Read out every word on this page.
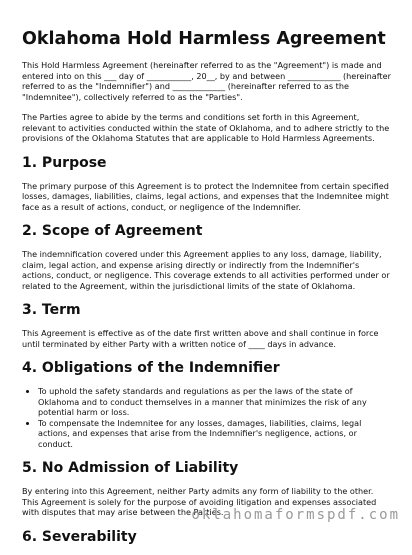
Oklahoma Hold Harmless Agreement

This Hold Harmless Agreement (hereinafter referred to as the "Agreement") is made and entered into on this ___ day of ___________, 20__, by and between _____________ (hereinafter referred to as the "Indemnifier") and _____________ (hereinafter referred to as the "Indemnitee"), collectively referred to as the "Parties".

The Parties agree to abide by the terms and conditions set forth in this Agreement, relevant to activities conducted within the state of Oklahoma, and to adhere strictly to the provisions of the Oklahoma Statutes that are applicable to Hold Harmless Agreements.

1. Purpose

The primary purpose of this Agreement is to protect the Indemnitee from certain specified losses, damages, liabilities, claims, legal actions, and expenses that the Indemnitee might face as a result of actions, conduct, or negligence of the Indemnifier.

2. Scope of Agreement

The indemnification covered under this Agreement applies to any loss, damage, liability, claim, legal action, and expense arising directly or indirectly from the Indemnifier's actions, conduct, or negligence. This coverage extends to all activities performed under or related to the Agreement, within the jurisdictional limits of the state of Oklahoma.

3. Term

This Agreement is effective as of the date first written above and shall continue in force until terminated by either Party with a written notice of ____ days in advance.

4. Obligations of the Indemnifier
• To uphold the safety standards and regulations as per the laws of the state of Oklahoma and to conduct themselves in a manner that minimizes the risk of any potential harm or loss.
• To compensate the Indemnitee for any losses, damages, liabilities, claims, legal actions, and expenses that arise from the Indemnifier's negligence, actions, or conduct.
5. No Admission of Liability

By entering into this Agreement, neither Party admits any form of liability to the other. This Agreement is solely for the purpose of avoiding litigation and expenses associated with disputes that may arise between the Parties.

6. Severability
oklahomaformspdf.com
